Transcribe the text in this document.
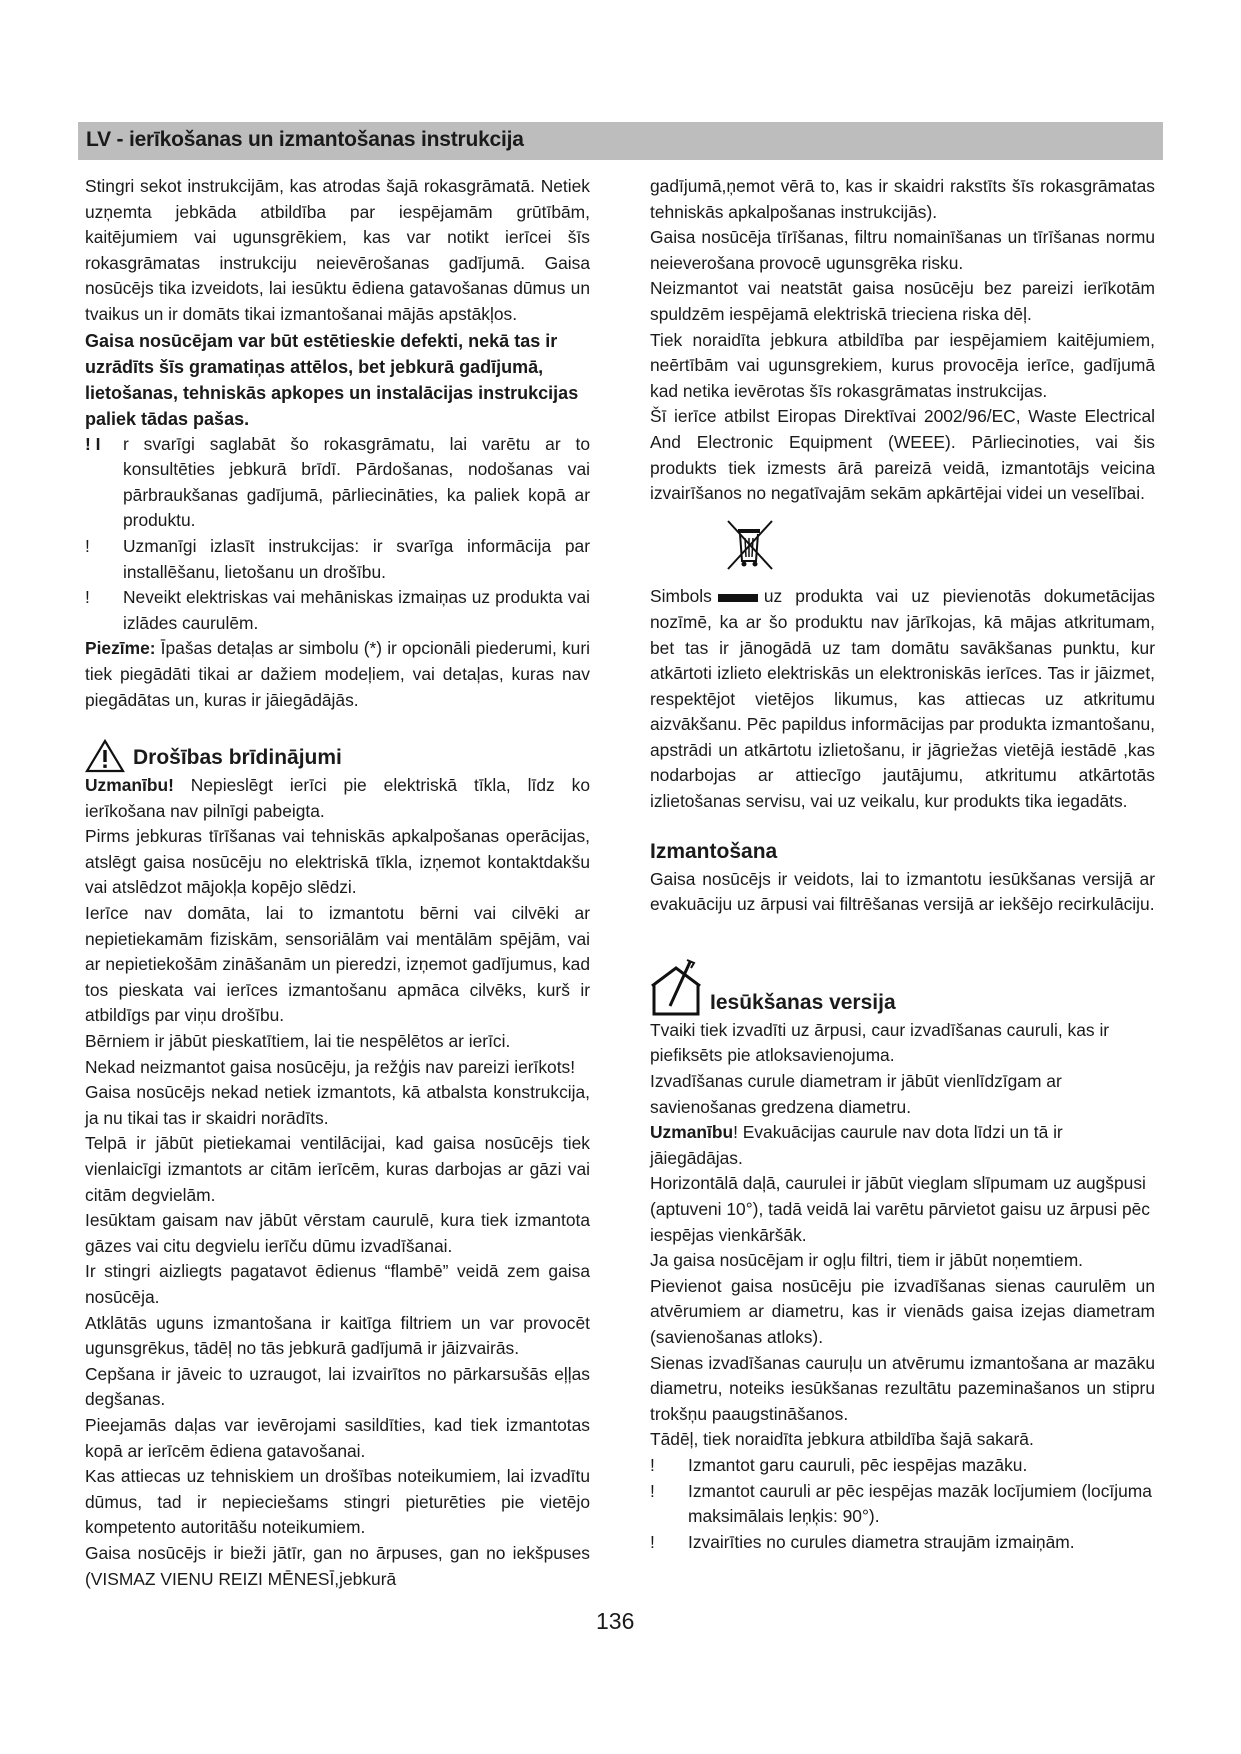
LV - ierīkošanas un izmantošanas instrukcija

Stingri sekot instrukcijām, kas atrodas šajā rokasgrāmatā. Netiek uzņemta jebkāda atbildība par iespējamām grūtībām, kaitējumiem vai ugunsgrēkiem, kas var notikt ierīcei šīs rokasgrāmatas instrukciju neievērošanas gadījumā. Gaisa nosūcējs tika izveidots, lai iesūktu ēdiena gatavošanas dūmus un tvaikus un ir domāts tikai izmantošanai mājās apstākļos.

Gaisa nosūcējam var būt estētieskie defekti, nekā tas ir uzrādīts šīs gramatiņas attēlos, bet jebkurā gadījumā, lietošanas, tehniskās apkopes un instalācijas instrukcijas paliek tādas pašas.

! I	r svarīgi saglabāt šo rokasgrāmatu, lai varētu ar to konsultēties jebkurā brīdī. Pārdošanas, nodošanas vai pārbraukšanas gadījumā, pārliecināties, ka paliek kopā ar produktu.
!	Uzmanīgi izlasīt instrukcijas: ir svarīga informācija par installēšanu, lietošanu un drošību.
!	Neveikt elektriskas vai mehāniskas izmaiņas uz produkta vai izlādes caurulēm.

Piezīme: Īpašas detaļas ar simbolu (*) ir opcionāli piederumi, kuri tiek piegādāti tikai ar dažiem modeļiem, vai detaļas, kuras nav piegādātas un, kuras ir jāiegādājās.

Drošības brīdinājumi

Uzmanību! Nepieslēgt ierīci pie elektriskā tīkla, līdz ko ierīkošana nav pilnīgi pabeigta.

Pirms jebkuras tīrīšanas vai tehniskās apkalpošanas operācijas, atslēgt gaisa nosūcēju no elektriskā tīkla, izņemot kontaktdakšu vai atslēdzot mājokļa kopējo slēdzi.

Ierīce nav domāta, lai to izmantotu bērni vai cilvēki ar nepietiekamām fiziskām, sensoriālām vai mentālām spējām, vai ar nepietiekošām zināšanām un pieredzi, izņemot gadījumus, kad tos pieskata vai ierīces izmantošanu apmāca cilvēks, kurš ir atbildīgs par viņu drošību.

Bērniem ir jābūt pieskatītiem, lai tie nespēlētos ar ierīci.

Nekad neizmantot gaisa nosūcēju, ja režģis nav pareizi ierīkots!

Gaisa nosūcējs nekad netiek izmantots, kā atbalsta konstrukcija, ja nu tikai tas ir skaidri norādīts.

Telpā ir jābūt pietiekamai ventilācijai, kad gaisa nosūcējs tiek vienlaicīgi izmantots ar citām ierīcēm, kuras darbojas ar gāzi vai citām degvielām.

Iesūktam gaisam nav jābūt vērstam caurulē, kura tiek izmantota gāzes vai citu degvielu ierīču dūmu izvadīšanai.

Ir stingri aizliegts pagatavot ēdienus “flambē” veidā zem gaisa nosūcēja.

Atklātās uguns izmantošana ir kaitīga filtriem un var provocēt ugunsgrēkus, tādēļ no tās jebkurā gadījumā ir jāizvairās.

Cepšana ir jāveic to uzraugot, lai izvairītos no pārkarsušās eļļas degšanas.

Pieejamās daļas var ievērojami sasildīties, kad tiek izmantotas kopā ar ierīcēm ēdiena gatavošanai.

Kas attiecas uz tehniskiem un drošības noteikumiem, lai izvadītu dūmus, tad ir nepieciešams stingri pieturēties pie vietējo kompetento autoritāšu noteikumiem.

Gaisa nosūcējs ir bieži jātīr, gan no ārpuses, gan no iekšpuses (VISMAZ VIENU REIZI MĒNESĪ,jebkurā

gadījumā,ņemot vērā to, kas ir skaidri rakstīts šīs rokasgrāmatas tehniskās apkalpošanas instrukcijās).

Gaisa nosūcēja tīrīšanas, filtru nomainīšanas un tīrīšanas normu neieverošana provocē ugunsgrēka risku.

Neizmantot vai neatstāt gaisa nosūcēju bez pareizi ierīkotām spuldzēm iespējamā elektriskā trieciena riska dēļ.

Tiek noraidīta jebkura atbildība par iespējamiem kaitējumiem, neērtībām vai ugunsgrekiem, kurus provocēja ierīce, gadījumā kad netika ievērotas šīs rokasgrāmatas instrukcijas.

Šī ierīce atbilst Eiropas Direktīvai 2002/96/EC, Waste Electrical And Electronic Equipment (WEEE). Pārliecinoties, vai šis produkts tiek izmests ārā pareizā veidā, izmantotājs veicina izvairīšanos no negatīvajām sekām apkārtējai videi un veselībai.

Simbols	uz produkta vai uz pievienotās dokumetācijas nozīmē, ka ar šo produktu nav jārīkojas, kā mājas atkritumam, bet tas ir jānogādā uz tam domātu savākšanas punktu, kur atkārtoti izlieto elektriskās un elektroniskās ierīces. Tas ir jāizmet, respektējot vietējos likumus, kas attiecas uz atkritumu aizvākšanu. Pēc papildus informācijas par produkta izmantošanu, apstrādi un atkārtotu izlietošanu, ir jāgriežas vietējā iestādē ,kas nodarbojas ar attiecīgo jautājumu, atkritumu atkārtotās izlietošanas servisu, vai uz veikalu, kur produkts tika iegadāts.

Izmantošana

Gaisa nosūcējs ir veidots, lai to izmantotu iesūkšanas versijā ar evakuāciju uz ārpusi vai filtrēšanas versijā ar iekšējo recirkulāciju.

Iesūkšanas versija

Tvaiki tiek izvadīti uz ārpusi, caur izvadīšanas cauruli, kas ir piefiksēts pie atloksavienojuma.

Izvadīšanas curule diametram ir jābūt vienlīdzīgam ar savienošanas gredzena diametru.

Uzmanību! Evakuācijas caurule nav dota līdzi un tā ir jāiegādājas.

Horizontālā daļā, caurulei ir jābūt vieglam slīpumam uz augšpusi (aptuveni 10°), tadā veidā lai varētu pārvietot gaisu uz ārpusi pēc iespējas vienkāršāk.

Ja gaisa nosūcējam ir ogļu filtri, tiem ir jābūt noņemtiem.

Pievienot gaisa nosūcēju pie izvadīšanas sienas caurulēm un atvērumiem ar diametru, kas ir vienāds gaisa izejas diametram (savienošanas atloks).

Sienas izvadīšanas cauruļu un atvērumu izmantošana ar mazāku diametru, noteiks iesūkšanas rezultātu pazeminašanos un stipru trokšņu paaugstināšanos.

Tādēļ, tiek noraidīta jebkura atbildība šajā sakarā.

!	Izmantot garu cauruli, pēc iespējas mazāku.
!	Izmantot cauruli ar pēc iespējas mazāk locījumiem (locījuma maksimālais leņķis: 90°).
!	Izvairīties no curules diametra straujām izmaiņām.
136
